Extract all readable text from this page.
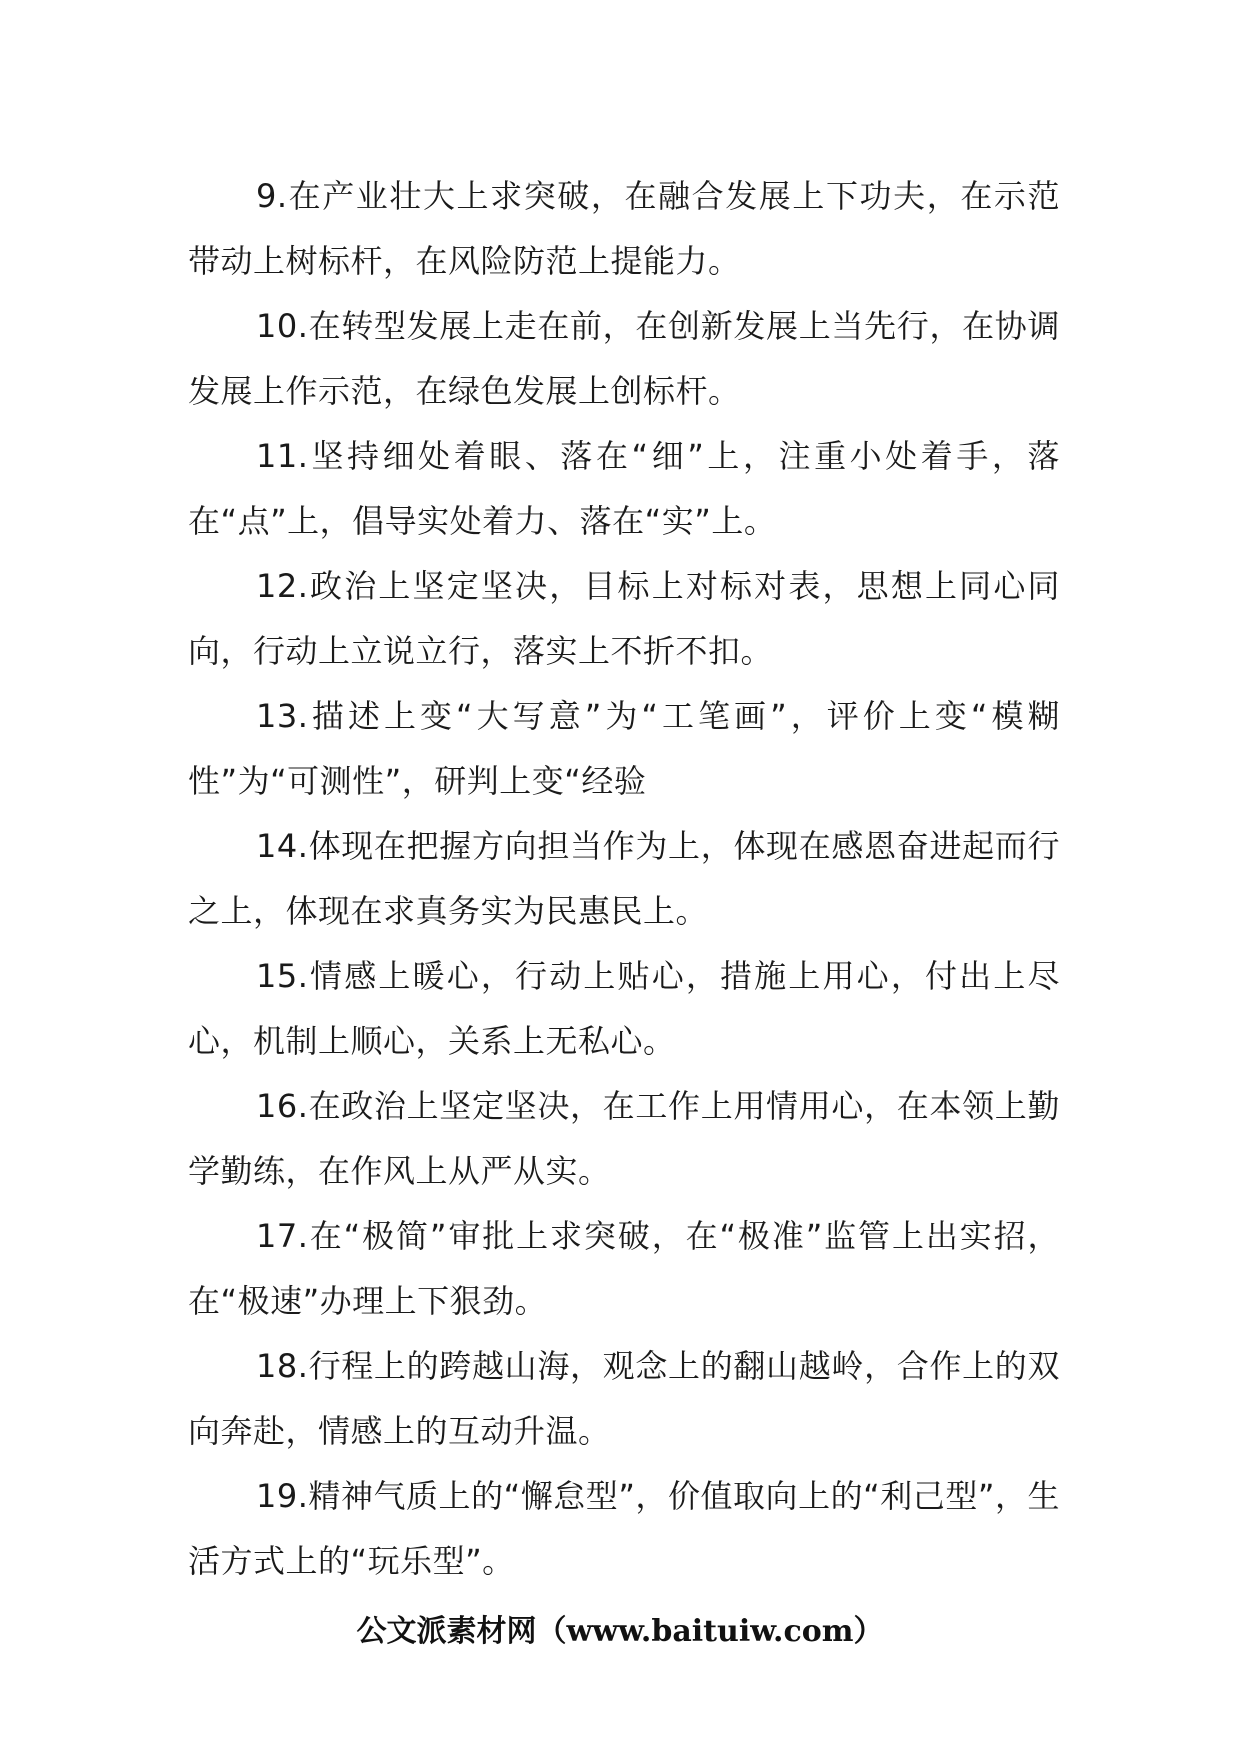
9.在产业壮大上求突破，在融合发展上下功夫，在示范带动上树标杆，在风险防范上提能力。

10.在转型发展上走在前，在创新发展上当先行，在协调发展上作示范，在绿色发展上创标杆。

11.坚持细处着眼、落在“细”上，注重小处着手，落在“点”上，倡导实处着力、落在“实”上。

12.政治上坚定坚决，目标上对标对表，思想上同心同向，行动上立说立行，落实上不折不扣。

13.描述上变“大写意”为“工笔画”，评价上变“模糊性”为“可测性”，研判上变“经验

14.体现在把握方向担当作为上，体现在感恩奋进起而行之上，体现在求真务实为民惠民上。

15.情感上暖心，行动上贴心，措施上用心，付出上尽心，机制上顺心，关系上无私心。

16.在政治上坚定坚决，在工作上用情用心，在本领上勤学勤练，在作风上从严从实。

17.在“极简”审批上求突破，在“极准”监管上出实招，在“极速”办理上下狠劲。

18.行程上的跨越山海，观念上的翻山越岭，合作上的双向奔赴，情感上的互动升温。

19.精神气质上的“懈怠型”，价值取向上的“利己型”，生活方式上的“玩乐型”。

公文派素材网（www.baituiw.com）
